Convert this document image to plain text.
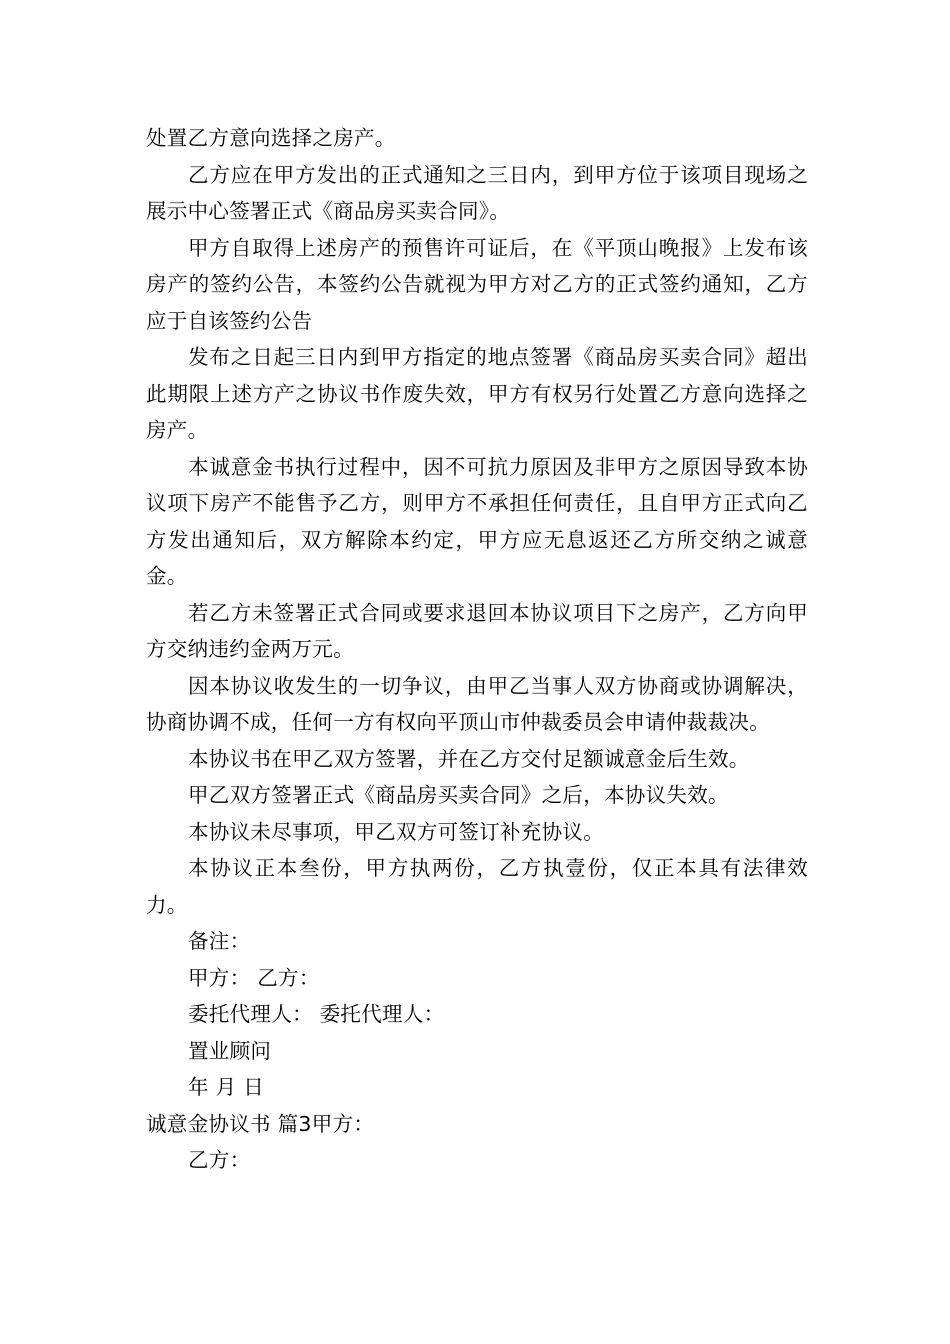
处置乙方意向选择之房产。

乙方应在甲方发出的正式通知之三日内，到甲方位于该项目现场之展示中心签署正式《商品房买卖合同》。

甲方自取得上述房产的预售许可证后，在《平顶山晚报》上发布该房产的签约公告，本签约公告就视为甲方对乙方的正式签约通知，乙方应于自该签约公告

发布之日起三日内到甲方指定的地点签署《商品房买卖合同》超出此期限上述方产之协议书作废失效，甲方有权另行处置乙方意向选择之房产。

本诚意金书执行过程中，因不可抗力原因及非甲方之原因导致本协议项下房产不能售予乙方，则甲方不承担任何责任，且自甲方正式向乙方发出通知后，双方解除本约定，甲方应无息返还乙方所交纳之诚意金。

若乙方未签署正式合同或要求退回本协议项目下之房产，乙方向甲方交纳违约金两万元。

因本协议收发生的一切争议，由甲乙当事人双方协商或协调解决，协商协调不成，任何一方有权向平顶山市仲裁委员会申请仲裁裁决。

本协议书在甲乙双方签署，并在乙方交付足额诚意金后生效。

甲乙双方签署正式《商品房买卖合同》之后，本协议失效。

本协议未尽事项，甲乙双方可签订补充协议。

本协议正本叁份，甲方执两份，乙方执壹份，仅正本具有法律效力。

备注：

甲方： 乙方：

委托代理人： 委托代理人：

置业顾问

年 月 日

诚意金协议书 篇3甲方：

乙方：
